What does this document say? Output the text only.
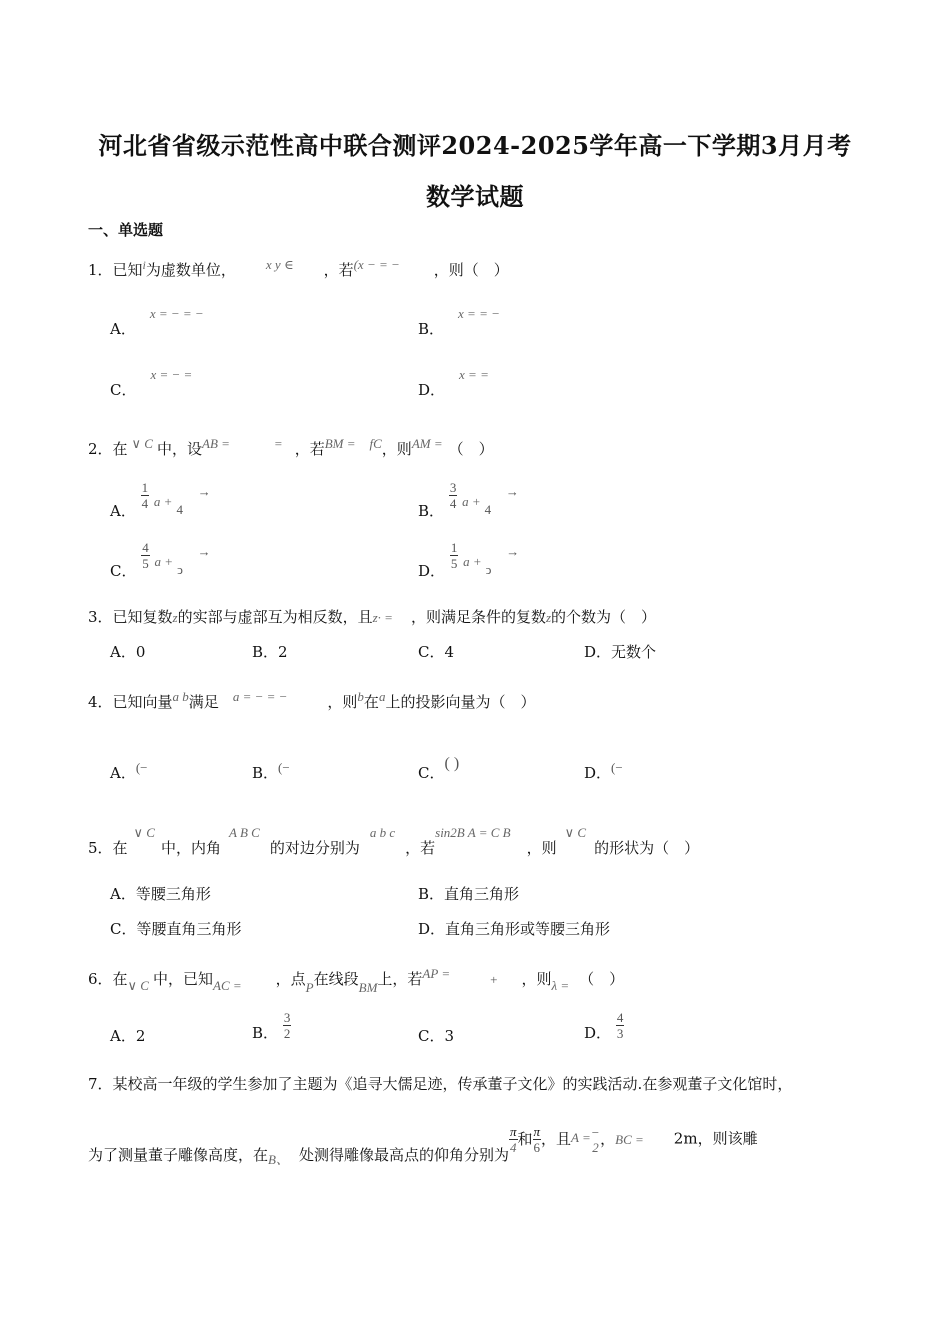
河北省省级示范性高中联合测评2024-2025学年高一下学期3月月考
数学试题
一、单选题
1．已知$^i$为虚数单位， $^{x y \in}$ ，若$^{(x - = -}$ ，则（　）
A．$^{x = - = -}$
B．$^{x = = -}$
C．$^{x = - =}$
D．$^{x = =}$
2．在 $^{\vee C}$ 中，设$^{AB =}$	= ，若$^{BM =}$ $^{fC}$，则$^{AM =}$ （　）
A． $\frac{1}{4}$ a +4 →
B． $\frac{3}{4}$ a +4 →
C． $\frac{4}{5}$ a +ↄ →
D． $\frac{1}{5}$ a +ↄ →
3．已知复数z的实部与虚部互为相反数，且z· = ，则满足条件的复数z的个数为（　）
A．0	B．2	C．4	D．无数个
4．已知向量$^{a b}$满足 $^{a = - = -}$	，则$^b$在$^a$上的投影向量为（　）
A．(−	B．(−	C．( )
D．(−
5．在$^{\vee C}$中，内角$^{A B C}$的对边分别为$^{a b c}$，若$^{sin2B A = C B}$，则$^{\vee C}$的形状为（　）
A．等腰三角形	B．直角三角形
C．等腰直角三角形	D．直角三角形或等腰三角形
6．在∨ C 中，已知AC = ，点P在线段BM上，若$^{AP =}$	+ ，则λ = （　）
A．2	B． $\frac{3}{2}$	C．3	D． $\frac{4}{3}$
7．某校高一年级的学生参加了主题为《追寻大儒足迹，传承董子文化》的实践活动.在参观董子文化馆时，
为了测量董子雕像高度，在B、 处测得雕像最高点的仰角分别为 $\frac{\pi}{4}$ 和 $\frac{\pi}{6}$ ，且A = −
2 ，BC = 2m，则该雕
